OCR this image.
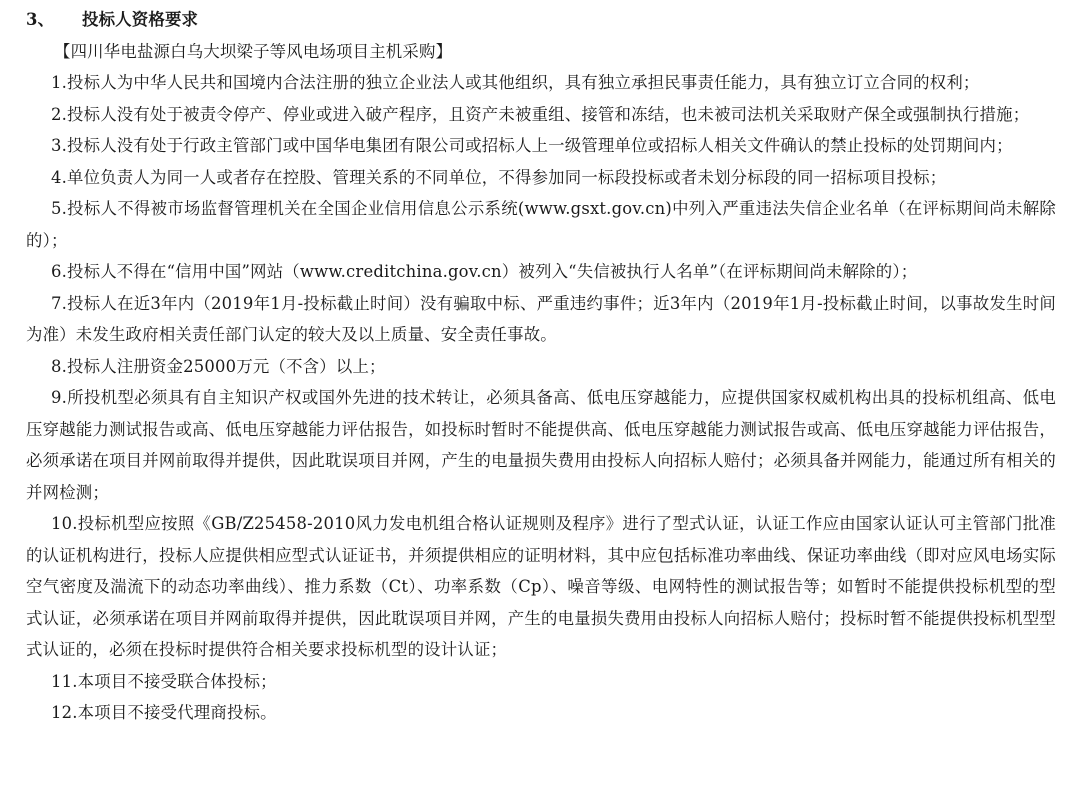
3、 投标人资格要求
【四川华电盐源白乌大坝梁子等风电场项目主机采购】

1.投标人为中华人民共和国境内合法注册的独立企业法人或其他组织，具有独立承担民事责任能力，具有独立订立合同的权利；

2.投标人没有处于被责令停产、停业或进入破产程序，且资产未被重组、接管和冻结，也未被司法机关采取财产保全或强制执行措施；

3.投标人没有处于行政主管部门或中国华电集团有限公司或招标人上一级管理单位或招标人相关文件确认的禁止投标的处罚期间内；

4.单位负责人为同一人或者存在控股、管理关系的不同单位，不得参加同一标段投标或者未划分标段的同一招标项目投标；

5.投标人不得被市场监督管理机关在全国企业信用信息公示系统(www.gsxt.gov.cn)中列入严重违法失信企业名单（在评标期间尚未解除的）；

6.投标人不得在“信用中国”网站（www.creditchina.gov.cn）被列入“失信被执行人名单”（在评标期间尚未解除的）；

7.投标人在近3年内（2019年1月-投标截止时间）没有骗取中标、严重违约事件；近3年内（2019年1月-投标截止时间，以事故发生时间为准）未发生政府相关责任部门认定的较大及以上质量、安全责任事故。

8.投标人注册资金25000万元（不含）以上；

9.所投机型必须具有自主知识产权或国外先进的技术转让，必须具备高、低电压穿越能力，应提供国家权威机构出具的投标机组高、低电压穿越能力测试报告或高、低电压穿越能力评估报告，如投标时暂时不能提供高、低电压穿越能力测试报告或高、低电压穿越能力评估报告，必须承诺在项目并网前取得并提供，因此耽误项目并网，产生的电量损失费用由投标人向招标人赔付；必须具备并网能力，能通过所有相关的并网检测；

10.投标机型应按照《GB/Z25458-2010风力发电机组合格认证规则及程序》进行了型式认证，认证工作应由国家认证认可主管部门批准的认证机构进行，投标人应提供相应型式认证证书，并须提供相应的证明材料，其中应包括标准功率曲线、保证功率曲线（即对应风电场实际空气密度及湍流下的动态功率曲线）、推力系数（Ct）、功率系数（Cp）、噪音等级、电网特性的测试报告等；如暂时不能提供投标机型的型式认证，必须承诺在项目并网前取得并提供，因此耽误项目并网，产生的电量损失费用由投标人向招标人赔付；投标时暂不能提供投标机型型式认证的，必须在投标时提供符合相关要求投标机型的设计认证；

11.本项目不接受联合体投标；

12.本项目不接受代理商投标。
